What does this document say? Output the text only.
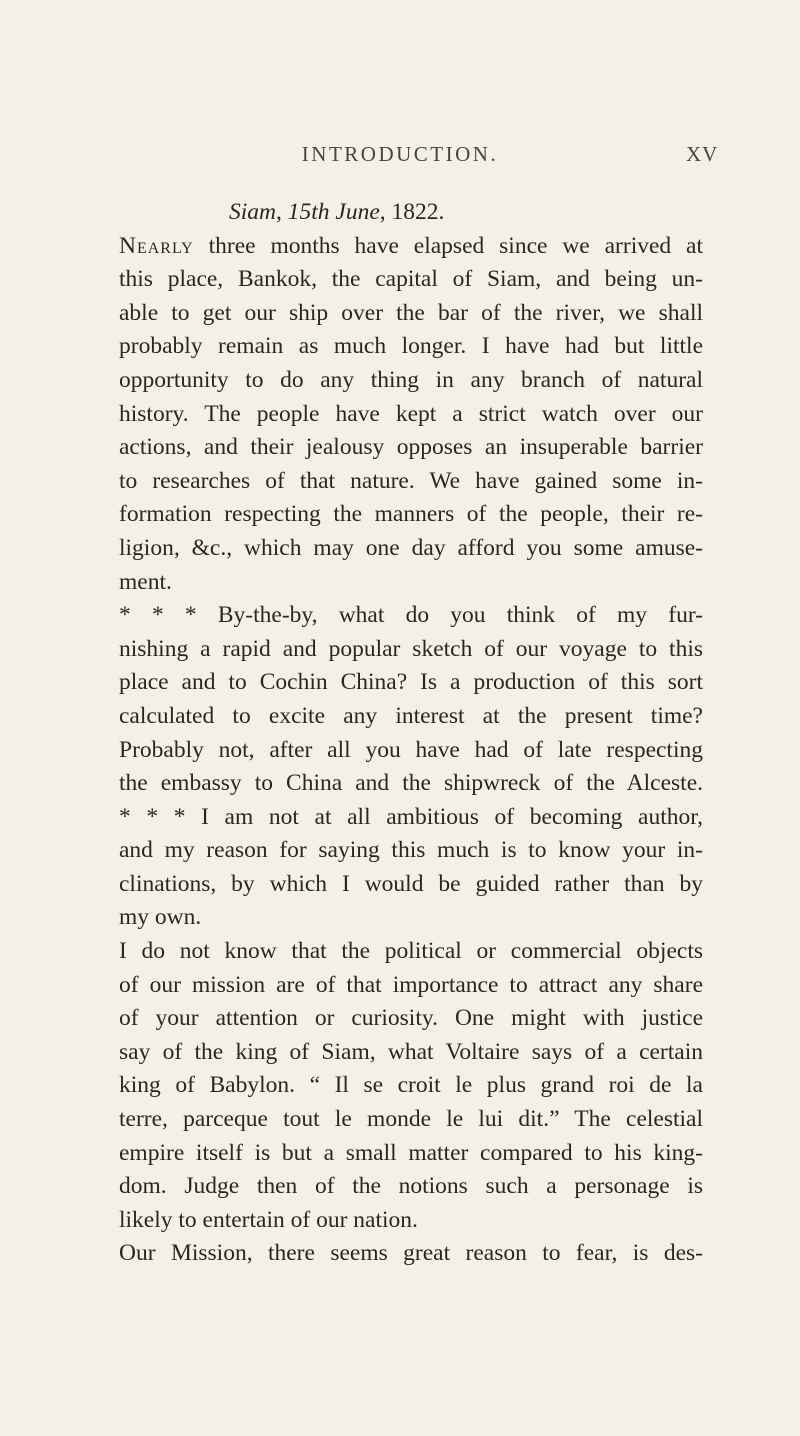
INTRODUCTION.	XV
Siam, 15th June, 1822.
Nearly three months have elapsed since we arrived at
this place, Bankok, the capital of Siam, and being un-
able to get our ship over the bar of the river, we shall
probably remain as much longer. I have had but little
opportunity to do any thing in any branch of natural
history. The people have kept a strict watch over our
actions, and their jealousy opposes an insuperable barrier
to researches of that nature. We have gained some in-
formation respecting the manners of the people, their re-
ligion, &c., which may one day afford you some amuse-
ment.
* * * By-the-by, what do you think of my fur-
nishing a rapid and popular sketch of our voyage to this
place and to Cochin China? Is a production of this sort
calculated to excite any interest at the present time?
Probably not, after all you have had of late respecting
the embassy to China and the shipwreck of the Alceste.
* * * I am not at all ambitious of becoming author,
and my reason for saying this much is to know your in-
clinations, by which I would be guided rather than by
my own.
I do not know that the political or commercial objects
of our mission are of that importance to attract any share
of your attention or curiosity. One might with justice
say of the king of Siam, what Voltaire says of a certain
king of Babylon. “ Il se croit le plus grand roi de la
terre, parceque tout le monde le lui dit.” The celestial
empire itself is but a small matter compared to his king-
dom. Judge then of the notions such a personage is
likely to entertain of our nation.
Our Mission, there seems great reason to fear, is des-
